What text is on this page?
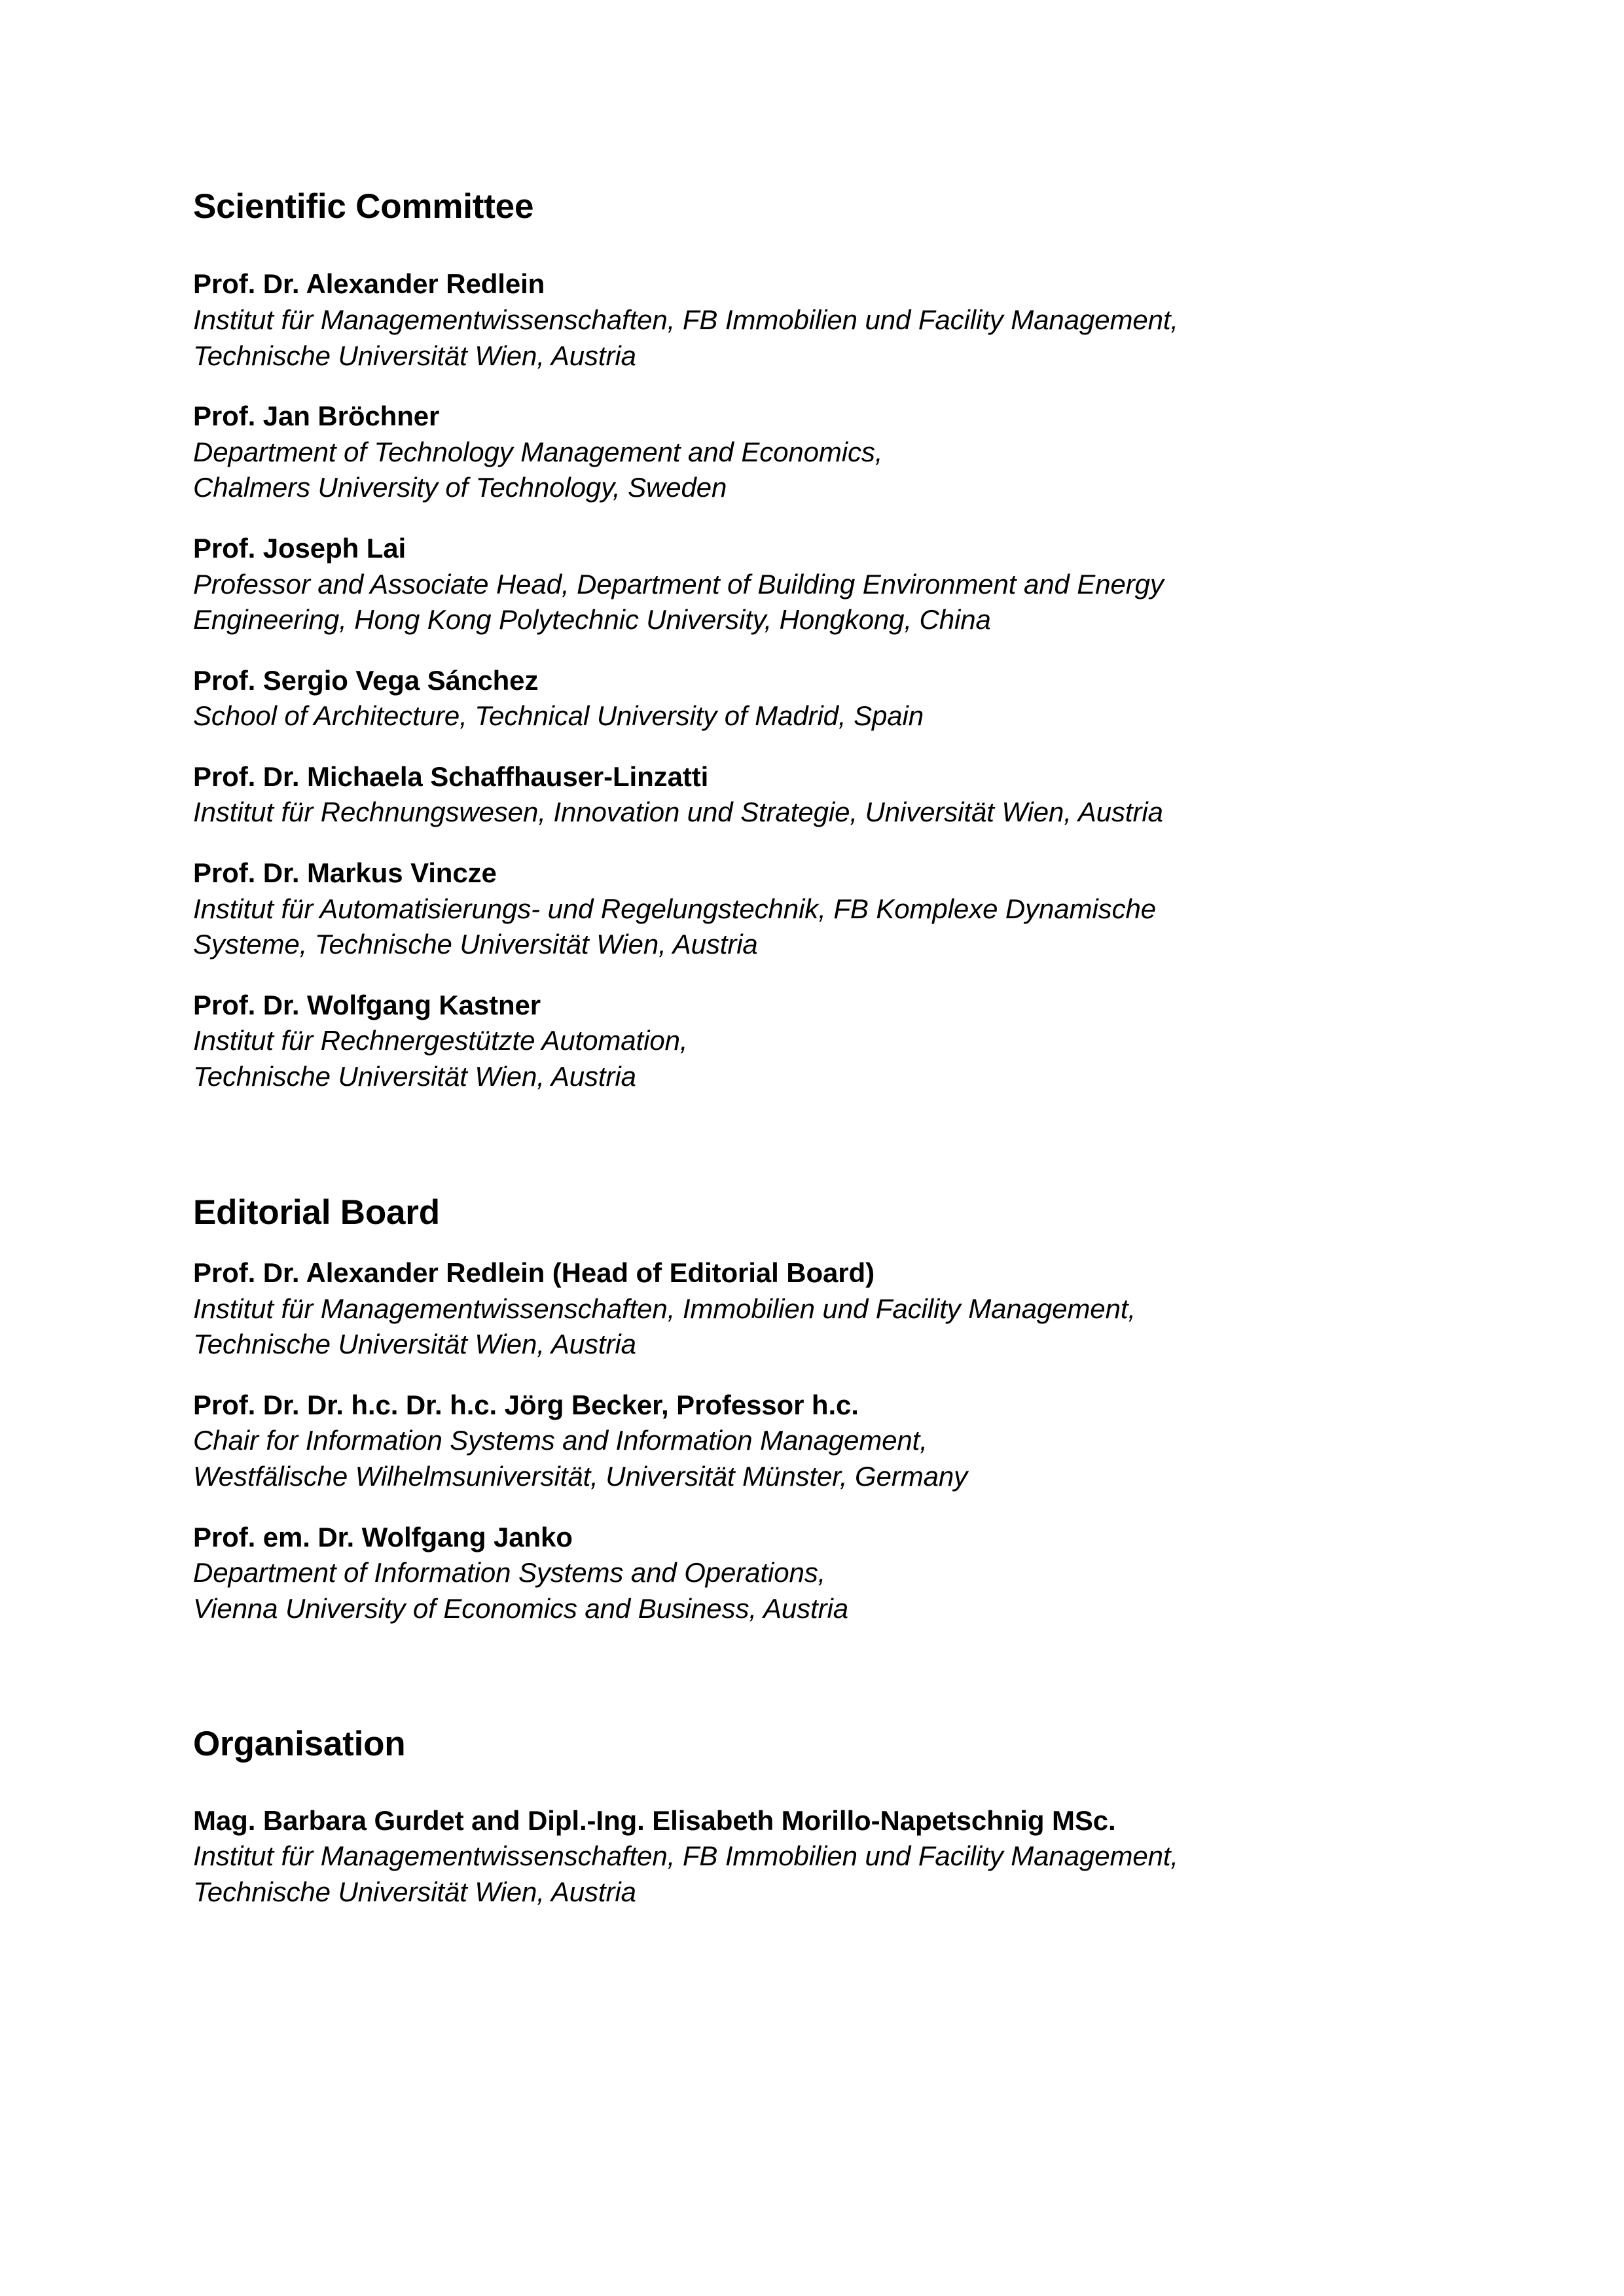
Scientific Committee
Prof. Dr. Alexander Redlein
Institut für Managementwissenschaften, FB Immobilien und Facility Management,
Technische Universität Wien, Austria
Prof. Jan Bröchner
Department of Technology Management and Economics,
Chalmers University of Technology, Sweden
Prof. Joseph Lai
Professor and Associate Head, Department of Building Environment and Energy
Engineering, Hong Kong Polytechnic University, Hongkong, China
Prof. Sergio Vega Sánchez
School of Architecture, Technical University of Madrid, Spain
Prof. Dr. Michaela Schaffhauser-Linzatti
Institut für Rechnungswesen, Innovation und Strategie, Universität Wien, Austria
Prof. Dr. Markus Vincze
Institut für Automatisierungs- und Regelungstechnik, FB Komplexe Dynamische
Systeme, Technische Universität Wien, Austria
Prof. Dr. Wolfgang Kastner
Institut für Rechnergestützte Automation,
Technische Universität Wien, Austria
Editorial Board
Prof. Dr. Alexander Redlein (Head of Editorial Board)
Institut für Managementwissenschaften, Immobilien und Facility Management,
Technische Universität Wien, Austria
Prof. Dr. Dr. h.c. Dr. h.c. Jörg Becker, Professor h.c.
Chair for Information Systems and Information Management,
Westfälische Wilhelmsuniversität, Universität Münster, Germany
Prof. em. Dr. Wolfgang Janko
Department of Information Systems and Operations,
Vienna University of Economics and Business, Austria
Organisation
Mag. Barbara Gurdet and Dipl.-Ing. Elisabeth Morillo-Napetschnig MSc.
Institut für Managementwissenschaften, FB Immobilien und Facility Management,
Technische Universität Wien, Austria
